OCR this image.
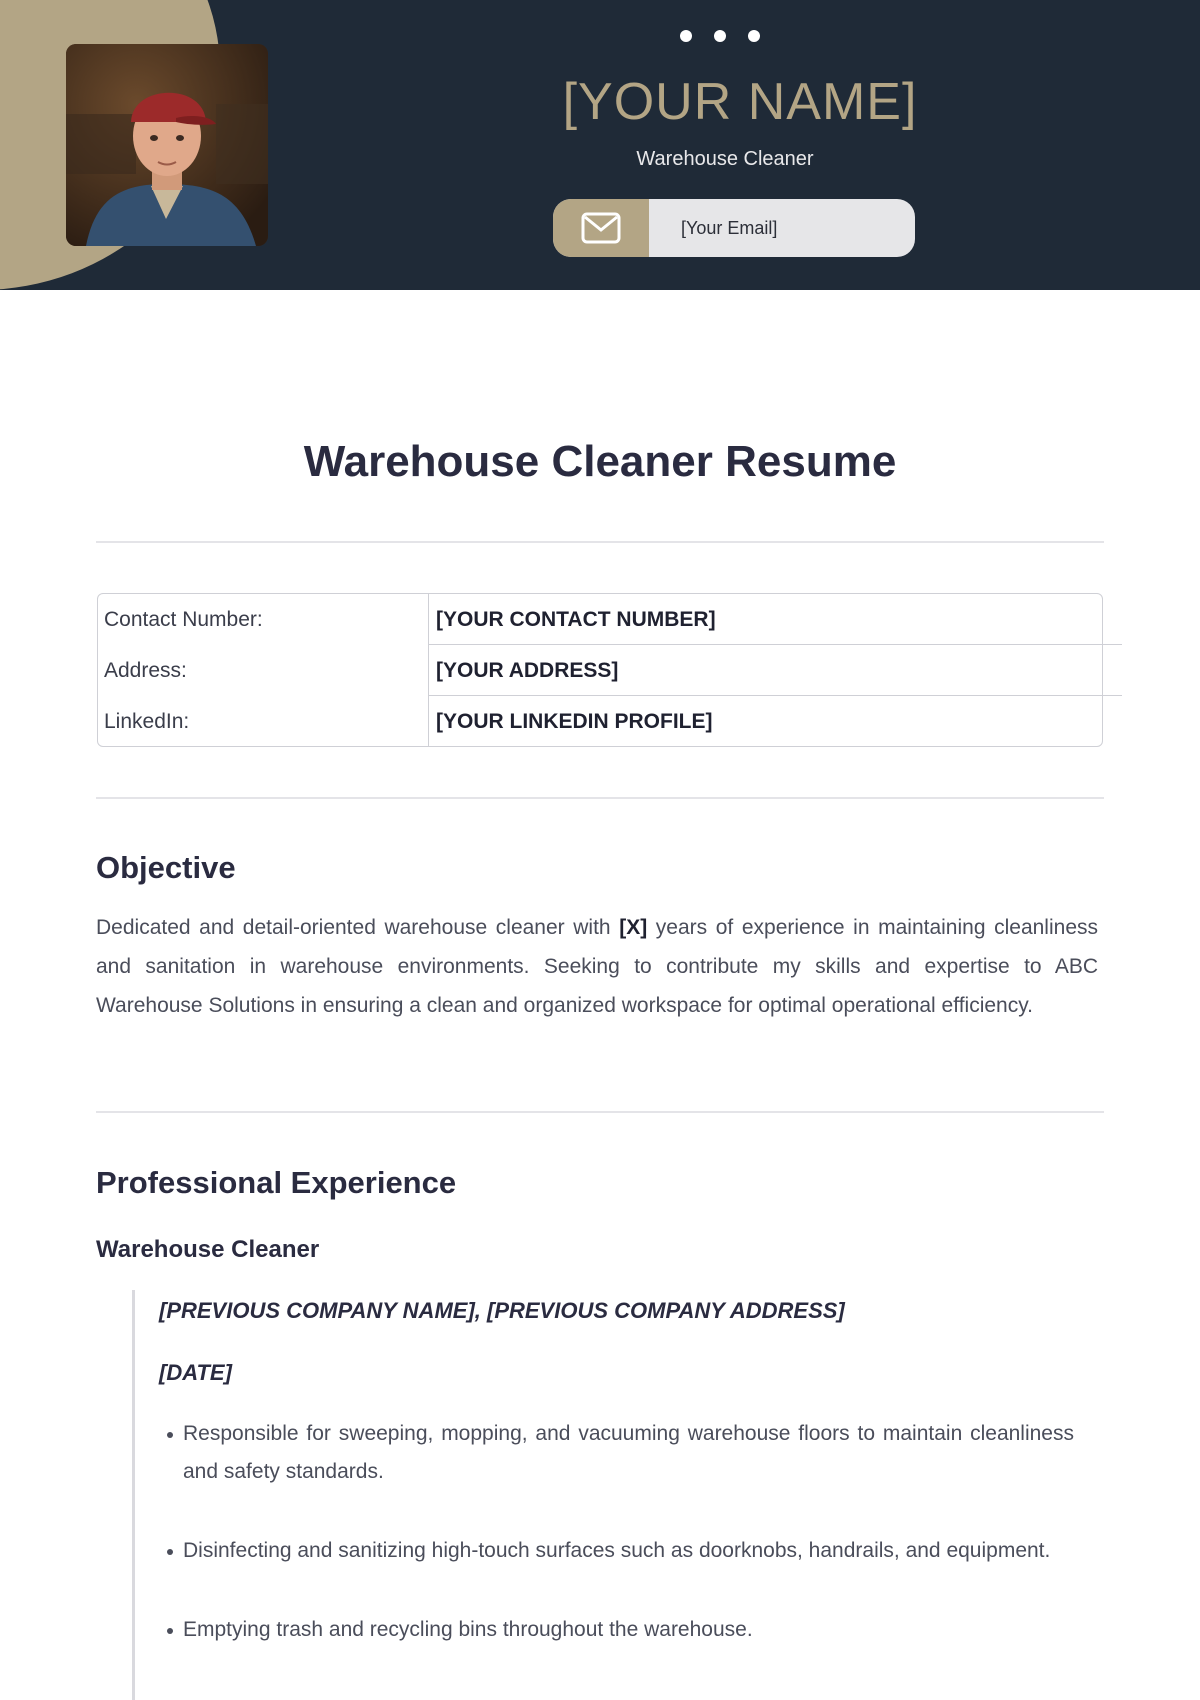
[YOUR NAME]
Warehouse Cleaner
[Your Email]
Warehouse Cleaner Resume
Contact Number:	[YOUR CONTACT NUMBER]
Address:	[YOUR ADDRESS]
LinkedIn:	[YOUR LINKEDIN PROFILE]
Objective

Dedicated and detail-oriented warehouse cleaner with [X] years of experience in maintaining cleanliness and sanitation in warehouse environments. Seeking to contribute my skills and expertise to ABC Warehouse Solutions in ensuring a clean and organized workspace for optimal operational efficiency.

Professional Experience
Warehouse Cleaner
[PREVIOUS COMPANY NAME], [PREVIOUS COMPANY ADDRESS]
[DATE]
Responsible for sweeping, mopping, and vacuuming warehouse floors to maintain cleanliness and safety standards.
Disinfecting and sanitizing high-touch surfaces such as doorknobs, handrails, and equipment.
Emptying trash and recycling bins throughout the warehouse.
